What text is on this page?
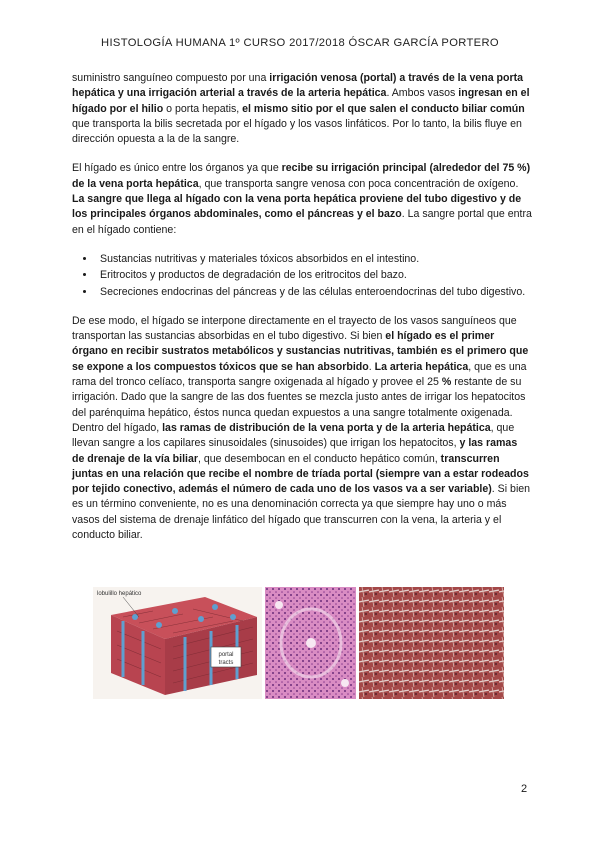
HISTOLOGÍA HUMANA 1º CURSO 2017/2018 ÓSCAR GARCÍA PORTERO

suministro sanguíneo compuesto por una irrigación venosa (portal) a través de la vena porta hepática y una irrigación arterial a través de la arteria hepática. Ambos vasos ingresan en el hígado por el hilio o porta hepatis, el mismo sitio por el que salen el conducto biliar común que transporta la bilis secretada por el hígado y los vasos linfáticos. Por lo tanto, la bilis fluye en dirección opuesta a la de la sangre.

El hígado es único entre los órganos ya que recibe su irrigación principal (alrededor del 75 %) de la vena porta hepática, que transporta sangre venosa con poca concentración de oxígeno. La sangre que llega al hígado con la vena porta hepática proviene del tubo digestivo y de los principales órganos abdominales, como el páncreas y el bazo. La sangre portal que entra en el hígado contiene:

• Sustancias nutritivas y materiales tóxicos absorbidos en el intestino.
• Eritrocitos y productos de degradación de los eritrocitos del bazo.
• Secreciones endocrinas del páncreas y de las células enteroendocrinas del tubo digestivo.

De ese modo, el hígado se interpone directamente en el trayecto de los vasos sanguíneos que transportan las sustancias absorbidas en el tubo digestivo. Si bien el hígado es el primer órgano en recibir sustratos metabólicos y sustancias nutritivas, también es el primero que se expone a los compuestos tóxicos que se han absorbido. La arteria hepática, que es una rama del tronco celíaco, transporta sangre oxigenada al hígado y provee el 25 % restante de su irrigación. Dado que la sangre de las dos fuentes se mezcla justo antes de irrigar los hepatocitos del parénquima hepático, éstos nunca quedan expuestos a una sangre totalmente oxigenada. Dentro del hígado, las ramas de distribución de la vena porta y de la arteria hepática, que llevan sangre a los capilares sinusoidales (sinusoides) que irrigan los hepatocitos, y las ramas de drenaje de la vía biliar, que desembocan en el conducto hepático común, transcurren juntas en una relación que recibe el nombre de tríada portal (siempre van a estar rodeados por tejido conectivo, además el número de cada uno de los vasos va a ser variable). Si bien es un término conveniente, no es una denominación correcta ya que siempre hay uno o más vasos del sistema de drenaje linfático del hígado que transcurren con la vena, la arteria y el conducto biliar.

portal
tracts
lobulillo hepático
2
